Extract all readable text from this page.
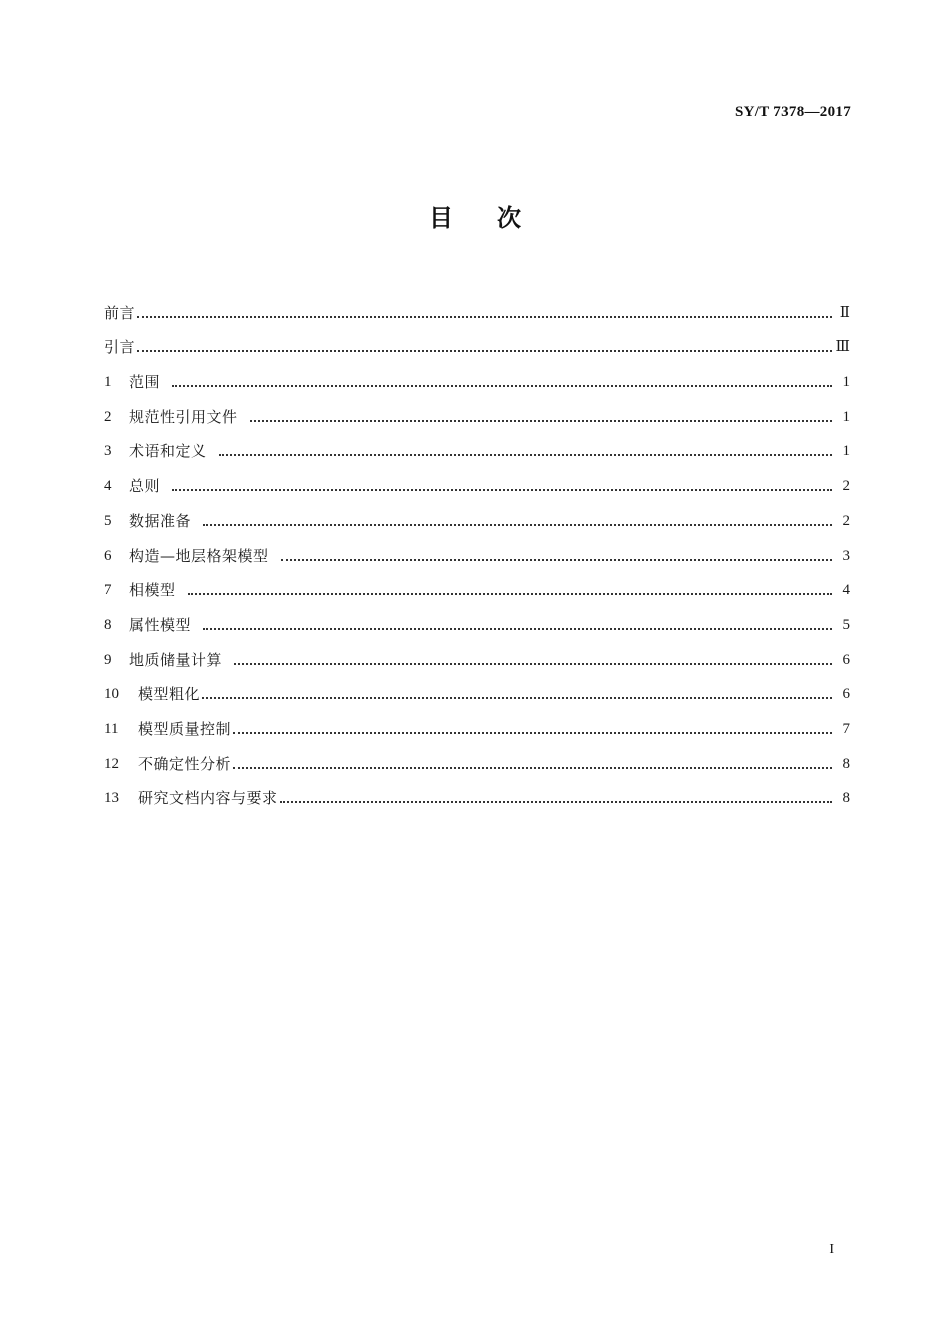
SY/T 7378—2017
目次
前言	Ⅱ
引言	Ⅲ
1	范围	1
2	规范性引用文件	1
3	术语和定义	1
4	总则	2
5	数据准备	2
6	构造—地层格架模型	3
7	相模型	4
8	属性模型	5
9	地质储量计算	6
10	模型粗化	6
11	模型质量控制	7
12	不确定性分析	8
13	研究文档内容与要求	8
I
